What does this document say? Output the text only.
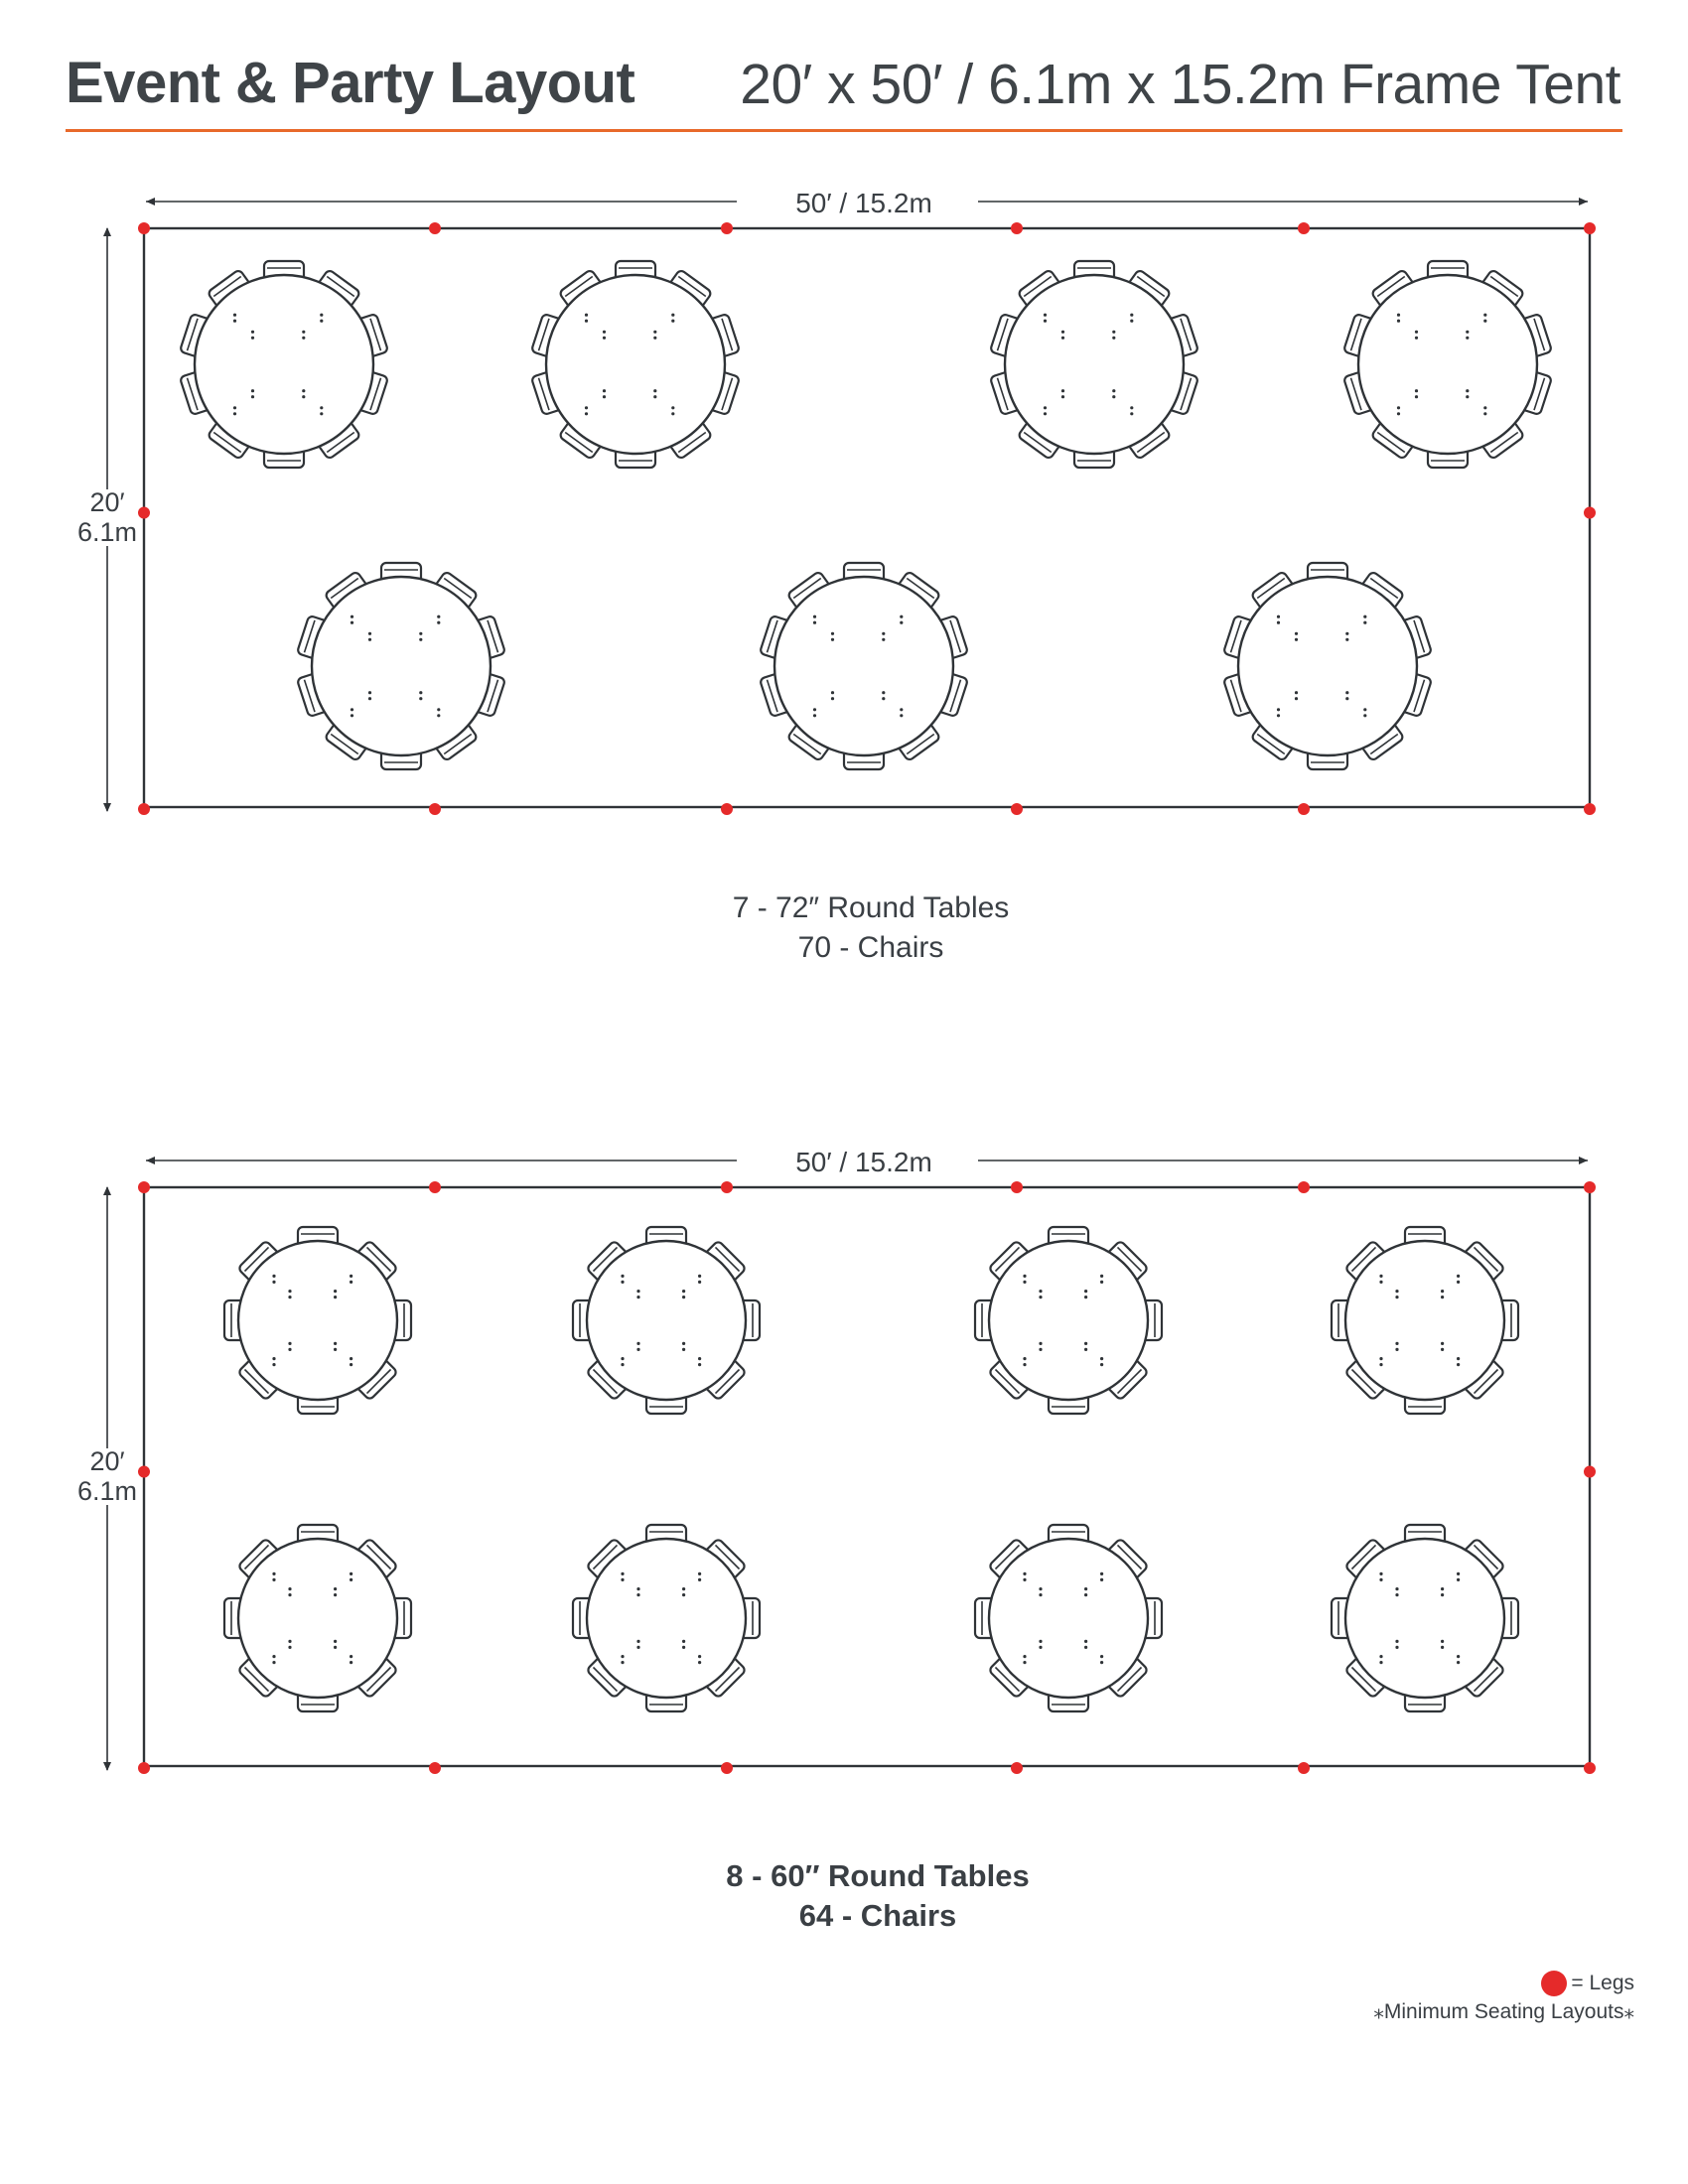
Event & Party Layout 20′ x 50′ / 6.1m x 15.2m Frame Tent
50′ / 15.2m
20′
6.1m
50′ / 15.2m
20′
6.1m
7 - 72″ Round Tables
70 - Chairs
8 - 60″ Round Tables
64 - Chairs
= Legs
⁎Minimum Seating Layouts⁎
